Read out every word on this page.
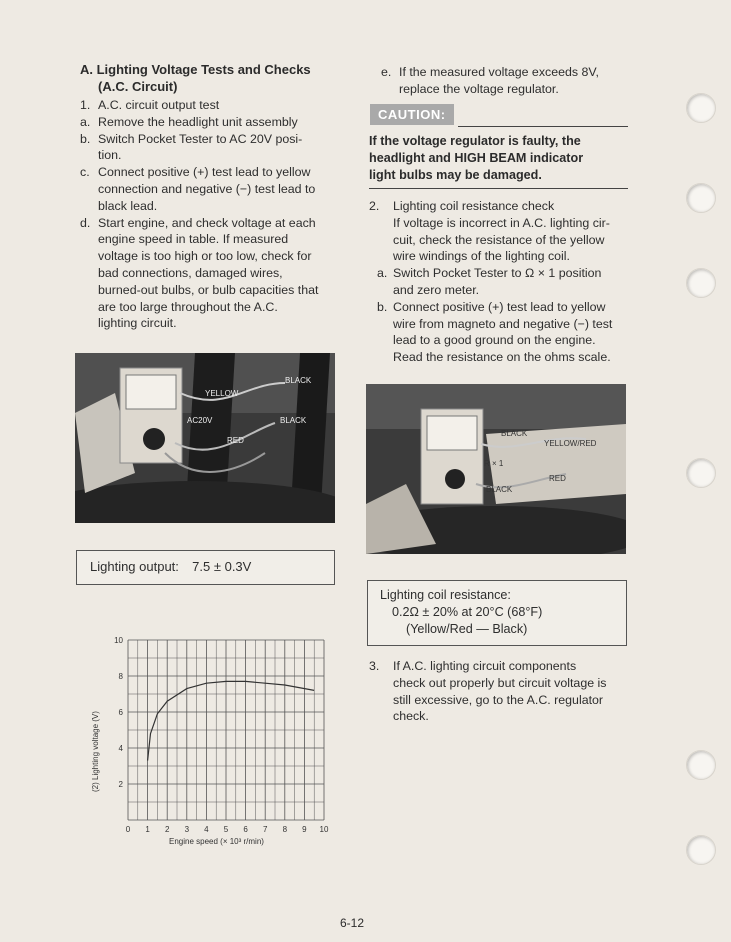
A. Lighting Voltage Tests and Checks
(A.C. Circuit)
1. A.C. circuit output test
a. Remove the headlight unit assembly
b. Switch Pocket Tester to AC 20V posi-
tion.
c. Connect positive (+) test lead to yellow
connection and negative (−) test lead to
black lead.
d. Start engine, and check voltage at each
engine speed in table. If measured
voltage is too high or too low, check for
bad connections, damaged wires,
burned-out bulbs, or bulb capacities that
are too large throughout the A.C.
lighting circuit.
YELLOW
BLACK
AC20V	BLACK
RED
Lighting output: 7.5 ± 0.3V
10
8
6
4
2
0 1 2 3 4 5 6 7 8 9 10
(2) Lighting voltage (V)
Engine speed (× 10³ r/min)
e. If the measured voltage exceeds 8V,
replace the voltage regulator.
CAUTION:
If the voltage regulator is faulty, the
headlight and HIGH BEAM indicator
light bulbs may be damaged.
2.	Lighting coil resistance check
If voltage is incorrect in A.C. lighting cir-
cuit, check the resistance of the yellow
wire windings of the lighting coil.
a. Switch Pocket Tester to Ω × 1 position
and zero meter.
b. Connect positive (+) test lead to yellow
wire from magneto and negative (−) test
lead to a good ground on the engine.
Read the resistance on the ohms scale.
BLACK
YELLOW/RED
R × 1
RED
BLACK
Lighting coil resistance:
0.2Ω ± 20% at 20°C (68°F)
(Yellow/Red — Black)
3.	If A.C. lighting circuit components
check out properly but circuit voltage is
still excessive, go to the A.C. regulator
check.
6-12
